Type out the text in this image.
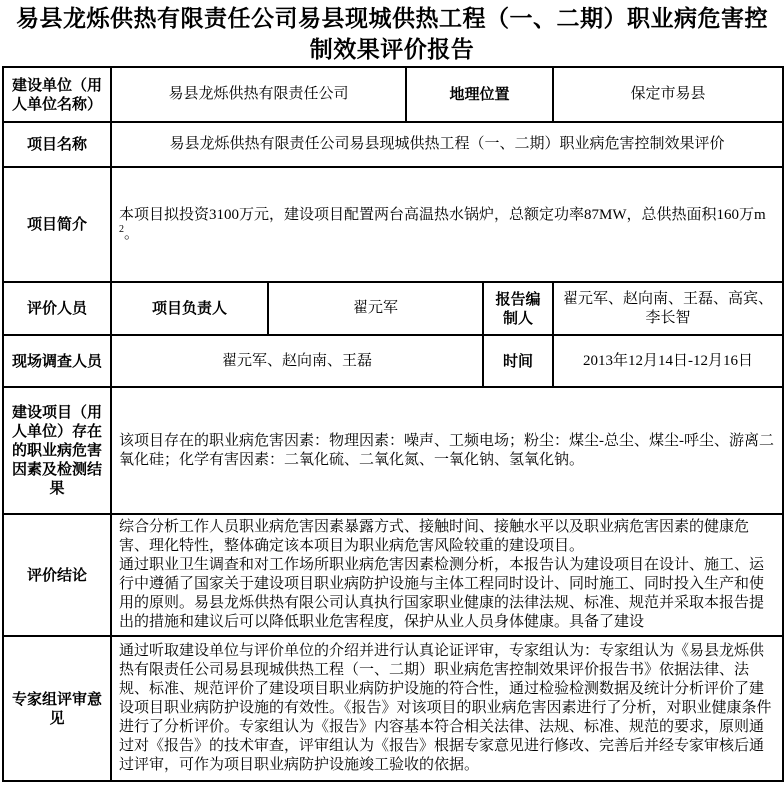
易县龙烁供热有限责任公司易县现城供热工程（一、二期）职业病危害控制效果评价报告
建设单位（用人单位名称）	易县龙烁供热有限责任公司		地理位置		保定市易县
项目名称	易县龙烁供热有限责任公司易县现城供热工程（一、二期）职业病危害控制效果评价				
项目简介	本项目拟投资3100万元，建设项目配置两台高温热水锅炉，总额定功率87MW，总供热面积160万$m^2$。				
评价人员	项目负责人	翟元军		报告编制人	翟元军、赵向南、王磊、高宾、李长智
现场调查人员	翟元军、赵向南、王磊			时间	2013年12月14日-12月16日
建设项目（用人单位）存在的职业病危害因素及检测结果	该项目存在的职业病危害因素：物理因素：噪声、工频电场；粉尘：煤尘-总尘、煤尘-呼尘、游离二氧化硅；化学有害因素：二氧化硫、二氧化氮、一氧化钠、氢氧化钠。				
评价结论	综合分析工作人员职业病危害因素暴露方式、接触时间、接触水平以及职业病危害因素的健康危害、理化特性，整体确定该本项目为职业病危害风险较重的建设项目。

通过职业卫生调查和对工作场所职业病危害因素检测分析，本报告认为建设项目在设计、施工、运行中遵循了国家关于建设项目职业病防护设施与主体工程同时设计、同时施工、同时投入生产和使用的原则。易县龙烁供热有限公司认真执行国家职业健康的法律法规、标准、规范并采取本报告提出的措施和建议后可以降低职业危害程度，保护从业人员身体健康。具备了建设				

专家组评审意见	通过听取建设单位与评价单位的介绍并进行认真论证评审，专家组认为：专家组认为《易县龙烁供热有限责任公司易县现城供热工程（一、二期）职业病危害控制效果评价报告书》依据法律、法规、标准、规范评价了建设项目职业病防护设施的符合性，通过检验检测数据及统计分析评价了建设项目职业病防护设施的有效性。《报告》对该项目的职业病危害因素进行了分析，对职业健康条件进行了分析评价。专家组认为《报告》内容基本符合相关法律、法规、标准、规范的要求，原则通过对《报告》的技术审查，评审组认为《报告》根据专家意见进行修改、完善后并经专家审核后通过评审，可作为项目职业病防护设施竣工验收的依据。				
